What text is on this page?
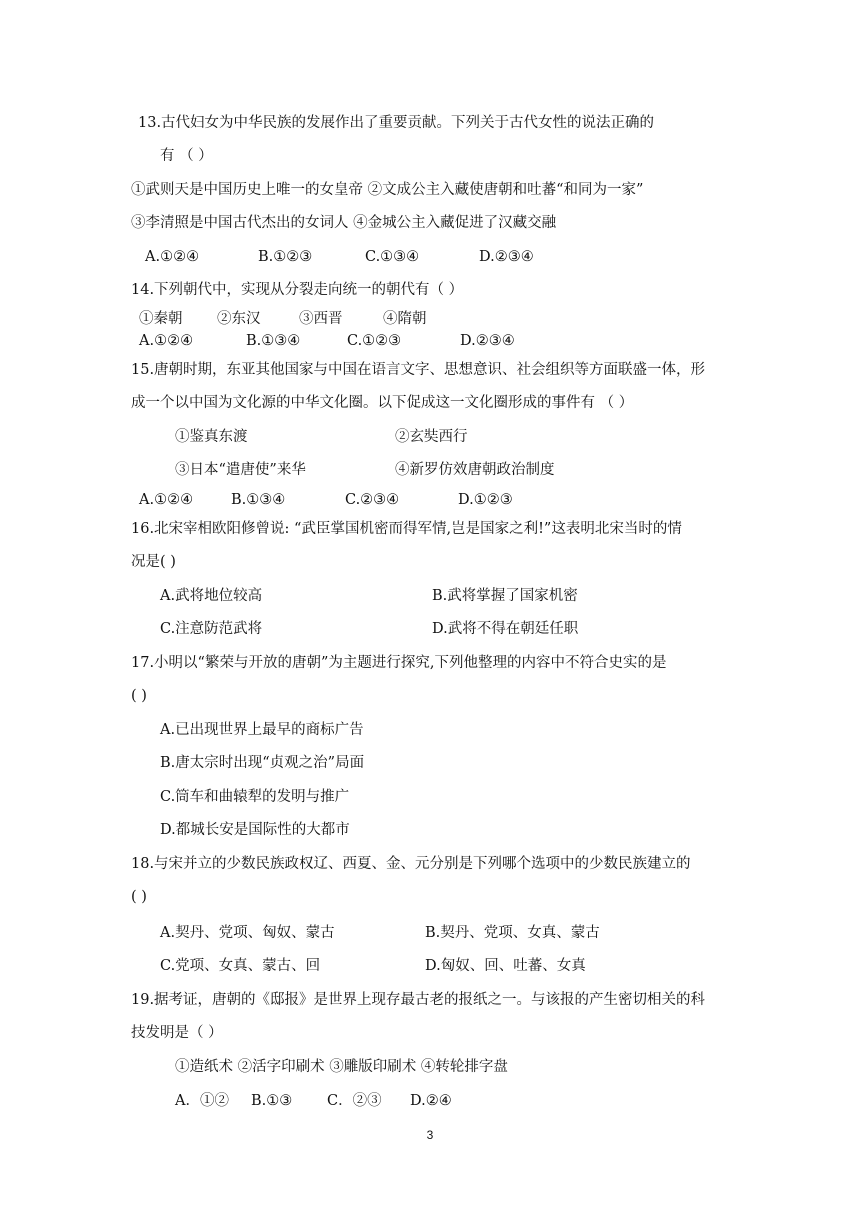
13.古代妇女为中华民族的发展作出了重要贡献。下列关于古代女性的说法正确的
有 （ ）
①武则天是中国历史上唯一的女皇帝 ②文成公主入藏使唐朝和吐蕃“和同为一家”
③李清照是中国古代杰出的女词人 ④金城公主入藏促进了汉藏交融
A.①②④	B.①②③	C.①③④	D.②③④
14.下列朝代中，实现从分裂走向统一的朝代有（ ）
①秦朝 ②东汉	③西晋	④隋朝
A.①②④	B.①③④	C.①②③	D.②③④
15.唐朝时期，东亚其他国家与中国在语言文字、思想意识、社会组织等方面联盛一体，形
成一个以中国为文化源的中华文化圈。以下促成这一文化圈形成的事件有 （ ）
①鉴真东渡	②玄奘西行
③日本“遣唐使”来华	④新罗仿效唐朝政治制度
A.①②④	B.①③④	C.②③④	D.①②③
16.北宋宰相欧阳修曾说: “武臣掌国机密而得军情,岂是国家之利!”这表明北宋当时的情
况是( )
A.武将地位较高	B.武将掌握了国家机密
C.注意防范武将	D.武将不得在朝廷任职
17.小明以“繁荣与开放的唐朝”为主题进行探究,下列他整理的内容中不符合史实的是
( )
A.已出现世界上最早的商标广告
B.唐太宗时出现“贞观之治”局面
C.筒车和曲辕犁的发明与推广
D.都城长安是国际性的大都市
18.与宋并立的少数民族政权辽、西夏、金、元分别是下列哪个选项中的少数民族建立的
( )
A.契丹、党项、匈奴、蒙古	B.契丹、党项、女真、蒙古
C.党项、女真、蒙古、回	D.匈奴、回、吐蕃、女真
19.据考证，唐朝的《邸报》是世界上现存最古老的报纸之一。与该报的产生密切相关的科
技发明是（ ）
①造纸术 ②活字印刷术 ③雕版印刷术 ④转轮排字盘
A．①② B.①③ C．②③ D.②④
3
